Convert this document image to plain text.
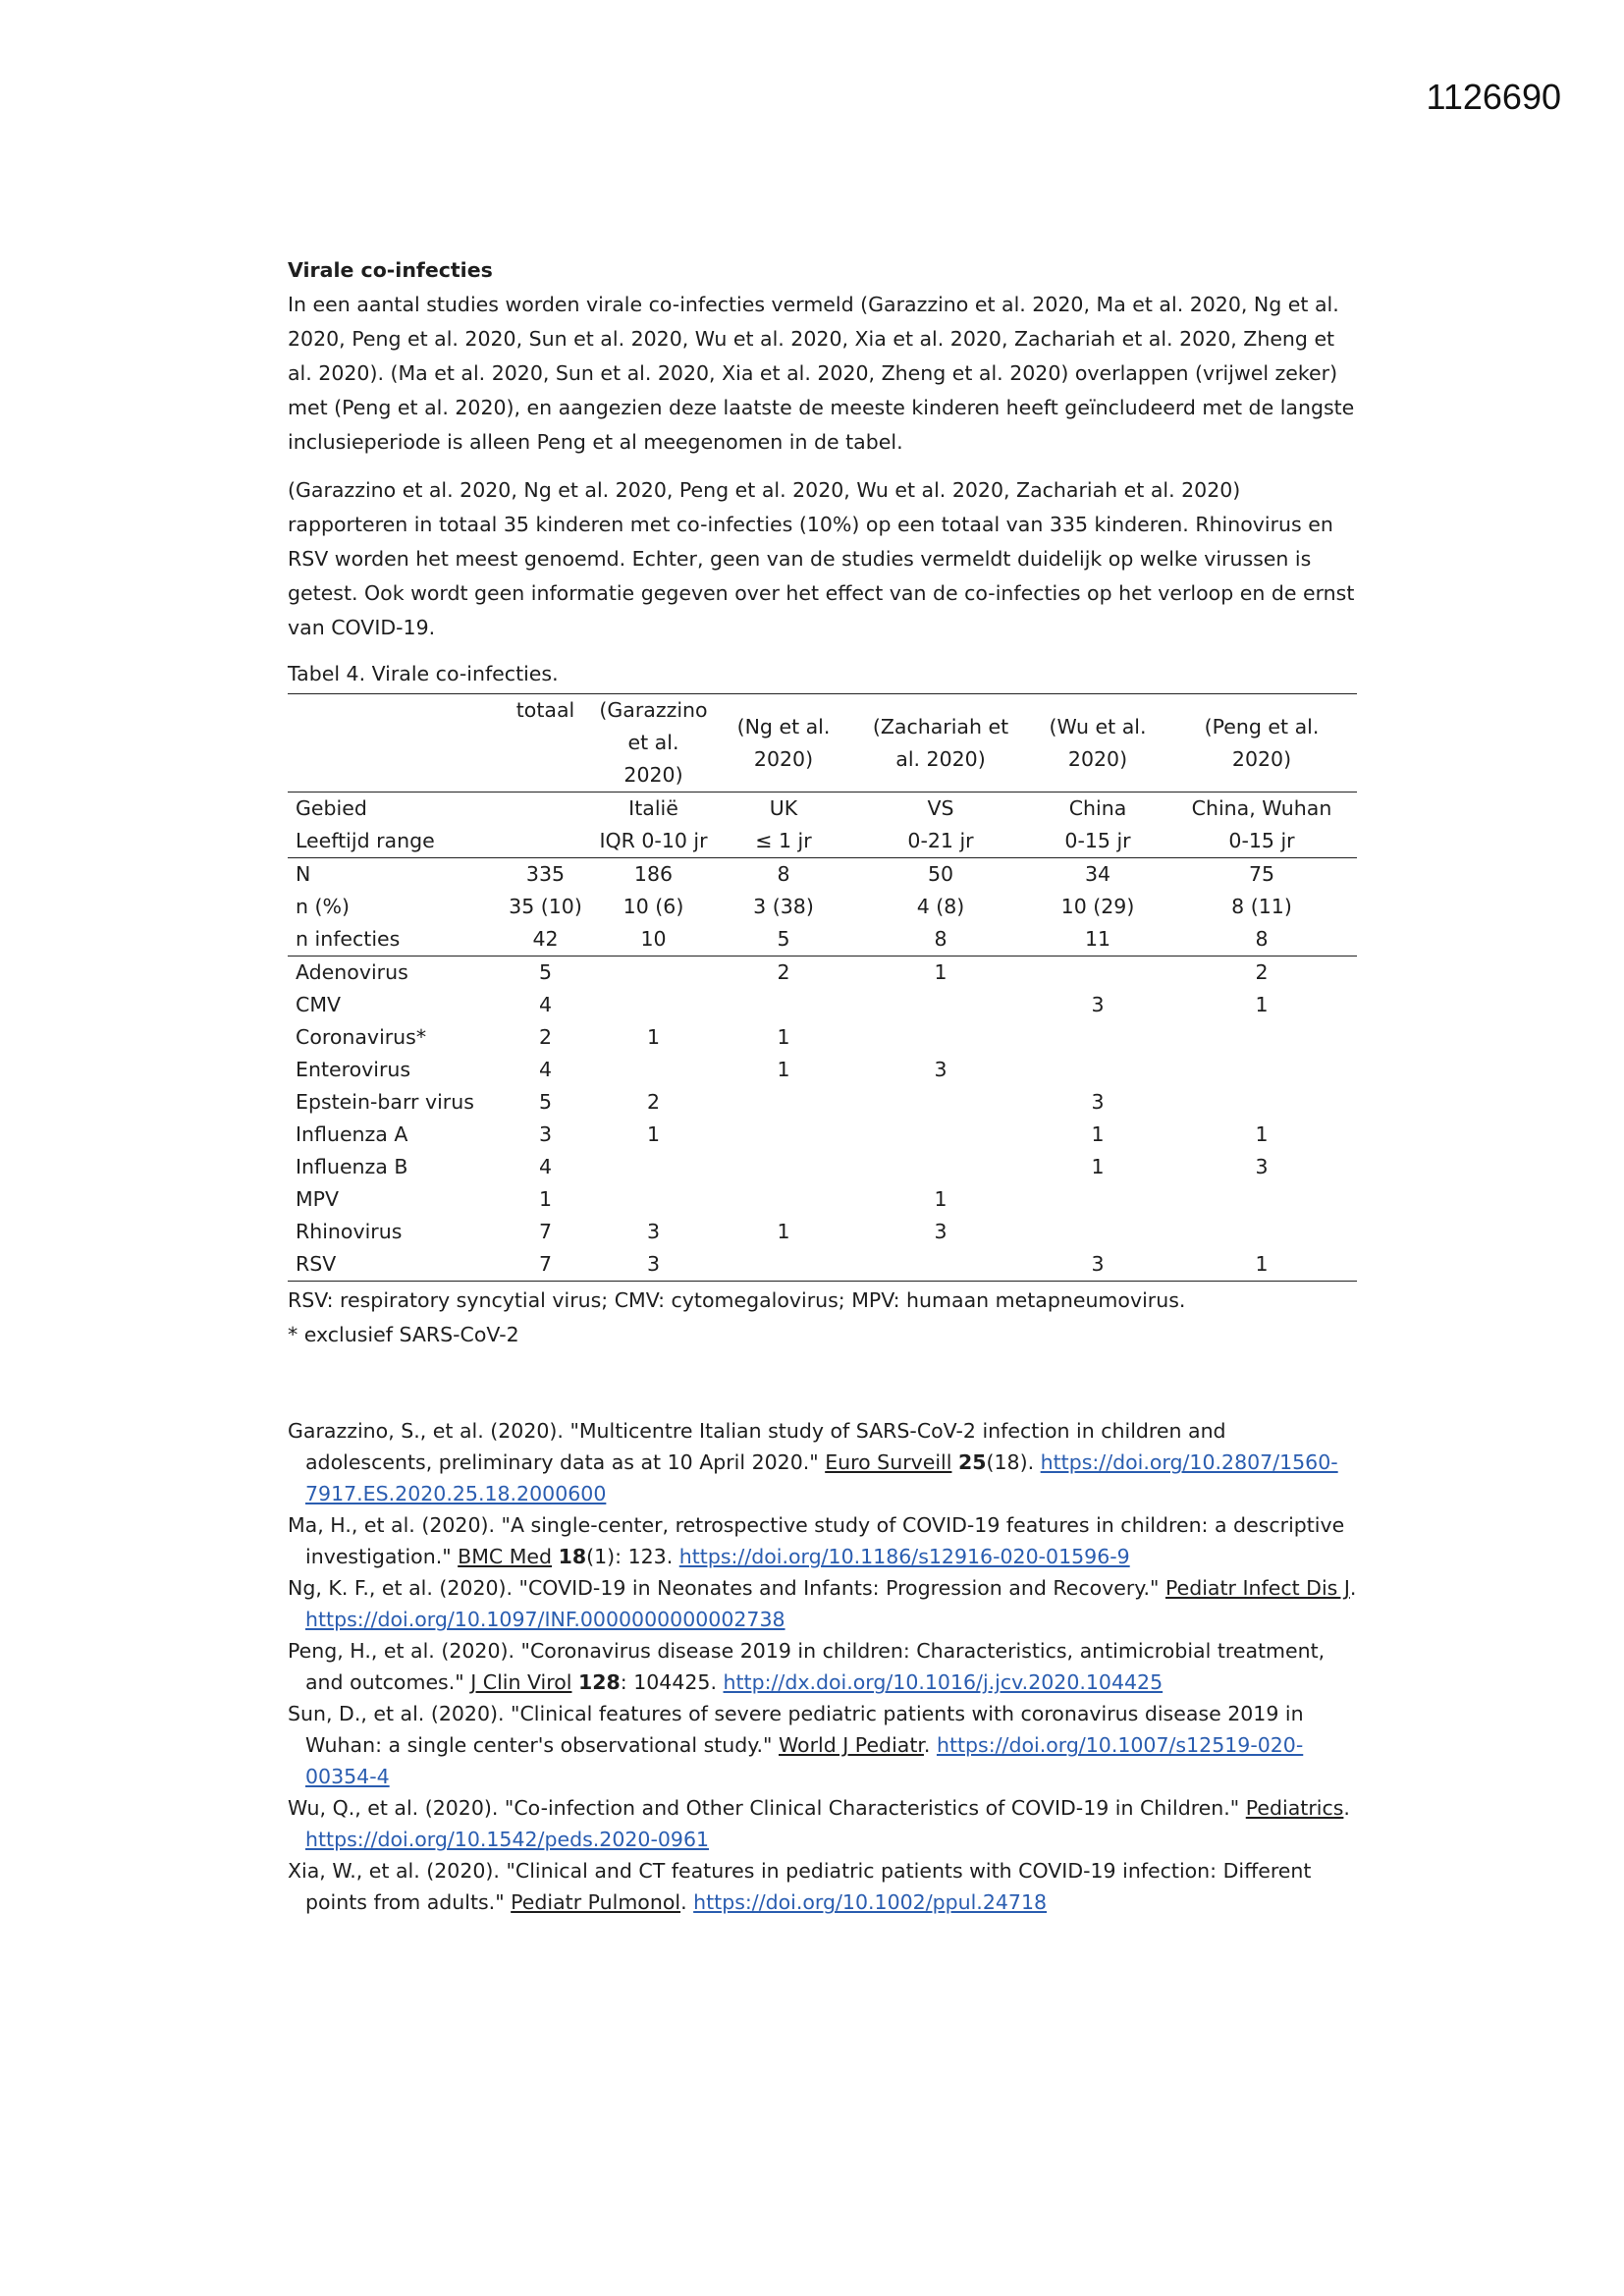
1126690

Virale co-infecties

In een aantal studies worden virale co-infecties vermeld (Garazzino et al. 2020, Ma et al. 2020, Ng et al. 2020, Peng et al. 2020, Sun et al. 2020, Wu et al. 2020, Xia et al. 2020, Zachariah et al. 2020, Zheng et al. 2020). (Ma et al. 2020, Sun et al. 2020, Xia et al. 2020, Zheng et al. 2020) overlappen (vrijwel zeker) met (Peng et al. 2020), en aangezien deze laatste de meeste kinderen heeft geïncludeerd met de langste inclusieperiode is alleen Peng et al meegenomen in de tabel.

(Garazzino et al. 2020, Ng et al. 2020, Peng et al. 2020, Wu et al. 2020, Zachariah et al. 2020) rapporteren in totaal 35 kinderen met co-infecties (10%) op een totaal van 335 kinderen. Rhinovirus en RSV worden het meest genoemd. Echter, geen van de studies vermeldt duidelijk op welke virussen is getest. Ook wordt geen informatie gegeven over het effect van de co-infecties op het verloop en de ernst van COVID-19.

Tabel 4. Virale co-infecties.

	totaal	(Garazzino et al. 2020)	(Ng et al. 2020)	(Zachariah et al. 2020)	(Wu et al. 2020)	(Peng et al. 2020)
Gebied		Italië	UK	VS	China	China, Wuhan
Leeftijd range		IQR 0-10 jr	≤ 1 jr	0-21 jr	0-15 jr	0-15 jr
N	335	186	8	50	34	75
n (%)	35 (10)	10 (6)	3 (38)	4 (8)	10 (29)	8 (11)
n infecties	42	10	5	8	11	8
Adenovirus	5		2	1		2
CMV	4				3	1
Coronavirus*	2	1	1			
Enterovirus	4		1	3		
Epstein-barr virus	5	2			3	
Influenza A	3	1			1	1
Influenza B	4				1	3
MPV	1			1		
Rhinovirus	7	3	1	3		
RSV	7	3			3	1

RSV: respiratory syncytial virus; CMV: cytomegalovirus; MPV: humaan metapneumovirus.

* exclusief SARS-CoV-2

Garazzino, S., et al. (2020). "Multicentre Italian study of SARS-CoV-2 infection in children and adolescents, preliminary data as at 10 April 2020." Euro Surveill 25(18). https://doi.org/10.2807/1560-7917.ES.2020.25.18.2000600

Ma, H., et al. (2020). "A single-center, retrospective study of COVID-19 features in children: a descriptive investigation." BMC Med 18(1): 123. https://doi.org/10.1186/s12916-020-01596-9

Ng, K. F., et al. (2020). "COVID-19 in Neonates and Infants: Progression and Recovery." Pediatr Infect Dis J. https://doi.org/10.1097/INF.0000000000002738

Peng, H., et al. (2020). "Coronavirus disease 2019 in children: Characteristics, antimicrobial treatment, and outcomes." J Clin Virol 128: 104425. http://dx.doi.org/10.1016/j.jcv.2020.104425

Sun, D., et al. (2020). "Clinical features of severe pediatric patients with coronavirus disease 2019 in Wuhan: a single center's observational study." World J Pediatr. https://doi.org/10.1007/s12519-020-00354-4

Wu, Q., et al. (2020). "Co-infection and Other Clinical Characteristics of COVID-19 in Children." Pediatrics. https://doi.org/10.1542/peds.2020-0961

Xia, W., et al. (2020). "Clinical and CT features in pediatric patients with COVID-19 infection: Different points from adults." Pediatr Pulmonol. https://doi.org/10.1002/ppul.24718
